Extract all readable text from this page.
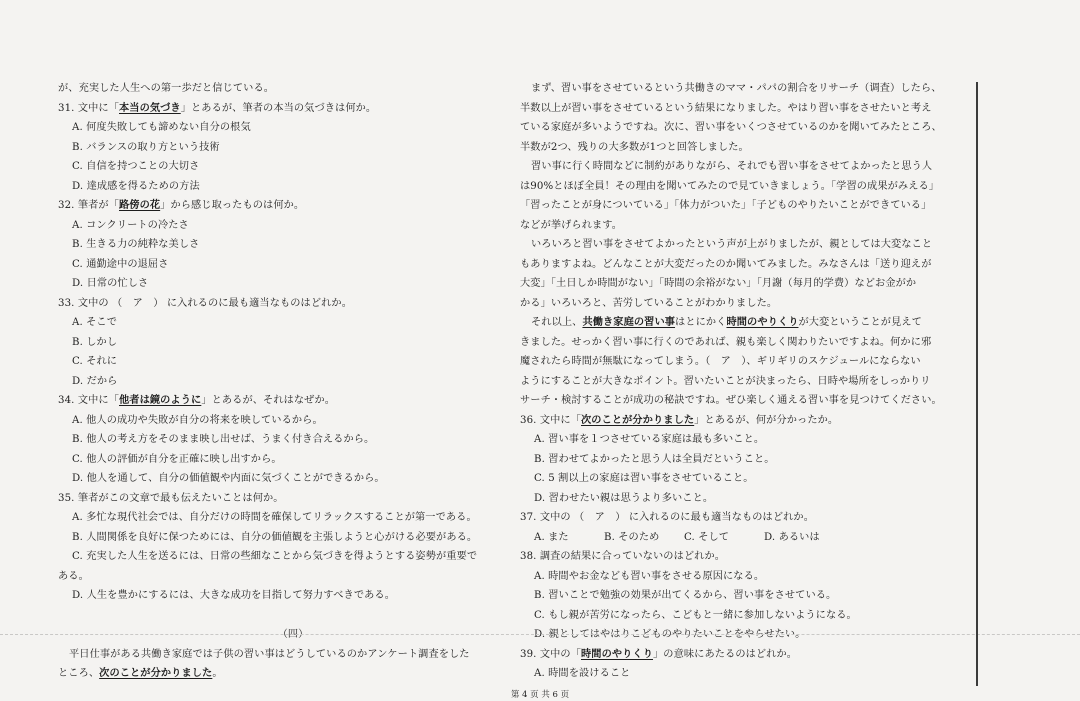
が、充実した人生への第一歩だと信じている。
31. 文中に「本当の気づき」とあるが、筆者の本当の気づきは何か。
A. 何度失敗しても諦めない自分の根気
B. バランスの取り方という技術
C. 自信を持つことの大切さ
D. 達成感を得るための方法
32. 筆者が「路傍の花」から感じ取ったものは何か。
A. コンクリートの冷たさ
B. 生きる力の純粋な美しさ
C. 通勤途中の退屈さ
D. 日常の忙しさ
33. 文中の （　ア　） に入れるのに最も適当なものはどれか。
A. そこで
B. しかし
C. それに
D. だから
34. 文中に「他者は鏡のように」とあるが、それはなぜか。
A. 他人の成功や失敗が自分の将来を映しているから。
B. 他人の考え方をそのまま映し出せば、うまく付き合えるから。
C. 他人の評価が自分を正確に映し出すから。
D. 他人を通して、自分の価値観や内面に気づくことができるから。
35. 筆者がこの文章で最も伝えたいことは何か。
A. 多忙な現代社会では、自分だけの時間を確保してリラックスすることが第一である。
B. 人間関係を良好に保つためには、自分の価値観を主張しようと心がける必要がある。
C. 充実した人生を送るには、日常の些細なことから気づきを得ようとする姿勢が重要で
ある。
D. 人生を豊かにするには、大きな成功を目指して努力すべきである。
（四）
平日仕事がある共働き家庭では子供の習い事はどうしているのかアンケート調査をした
ところ、次のことが分かりました。
まず、習い事をさせているという共働きのママ・パパの割合をリサーチ（调査）したら、
半数以上が習い事をさせているという結果になりました。やはり習い事をさせたいと考え
ている家庭が多いようですね。次に、習い事をいくつさせているのかを聞いてみたところ、
半数が2つ、残りの大多数が1つと回答しました。
習い事に行く時間などに制約がありながら、それでも習い事をさせてよかったと思う人
は90%とほぼ全員！その理由を聞いてみたので見ていきましょう。「学習の成果がみえる」
「習ったことが身についている」「体力がついた」「子どものやりたいことができている」
などが挙げられます。
いろいろと習い事をさせてよかったという声が上がりましたが、親としては大変なこと
もありますよね。どんなことが大変だったのか聞いてみました。みなさんは「送り迎えが
大変」「土日しか時間がない」「時間の余裕がない」「月謝（每月的学费）などお金がか
かる」いろいろと、苦労していることがわかりました。
それ以上、共働き家庭の習い事はとにかく時間のやりくりが大変ということが見えて
きました。せっかく習い事に行くのであれば、親も楽しく関わりたいですよね。何かに邪
魔されたら時間が無駄になってしまう。（　ア　）、ギリギリのスケジュールにならない
ようにすることが大きなポイント。習いたいことが決まったら、日時や場所をしっかりリ
サーチ・検討することが成功の秘訣ですね。ぜひ楽しく通える習い事を見つけてください。
36. 文中に「次のことが分かりました」とあるが、何が分かったか。
A. 習い事を１つさせている家庭は最も多いこと。
B. 習わせてよかったと思う人は全員だということ。
C. 5 割以上の家庭は習い事をさせていること。
D. 習わせたい親は思うより多いこと。
37. 文中の （　ア　） に入れるのに最も適当なものはどれか。
A. また	B. そのため C. そして	D. あるいは
38. 調査の結果に合っていないのはどれか。
A. 時間やお金なども習い事をさせる原因になる。
B. 習いことで勉強の効果が出てくるから、習い事をさせている。
C. もし親が苦労になったら、こどもと一緒に参加しないようになる。
D. 親としてはやはりこどものやりたいことをやらせたい。
39. 文中の「時間のやりくり」の意味にあたるのはどれか。
A. 時間を設けること
第 4 页 共 6 页
